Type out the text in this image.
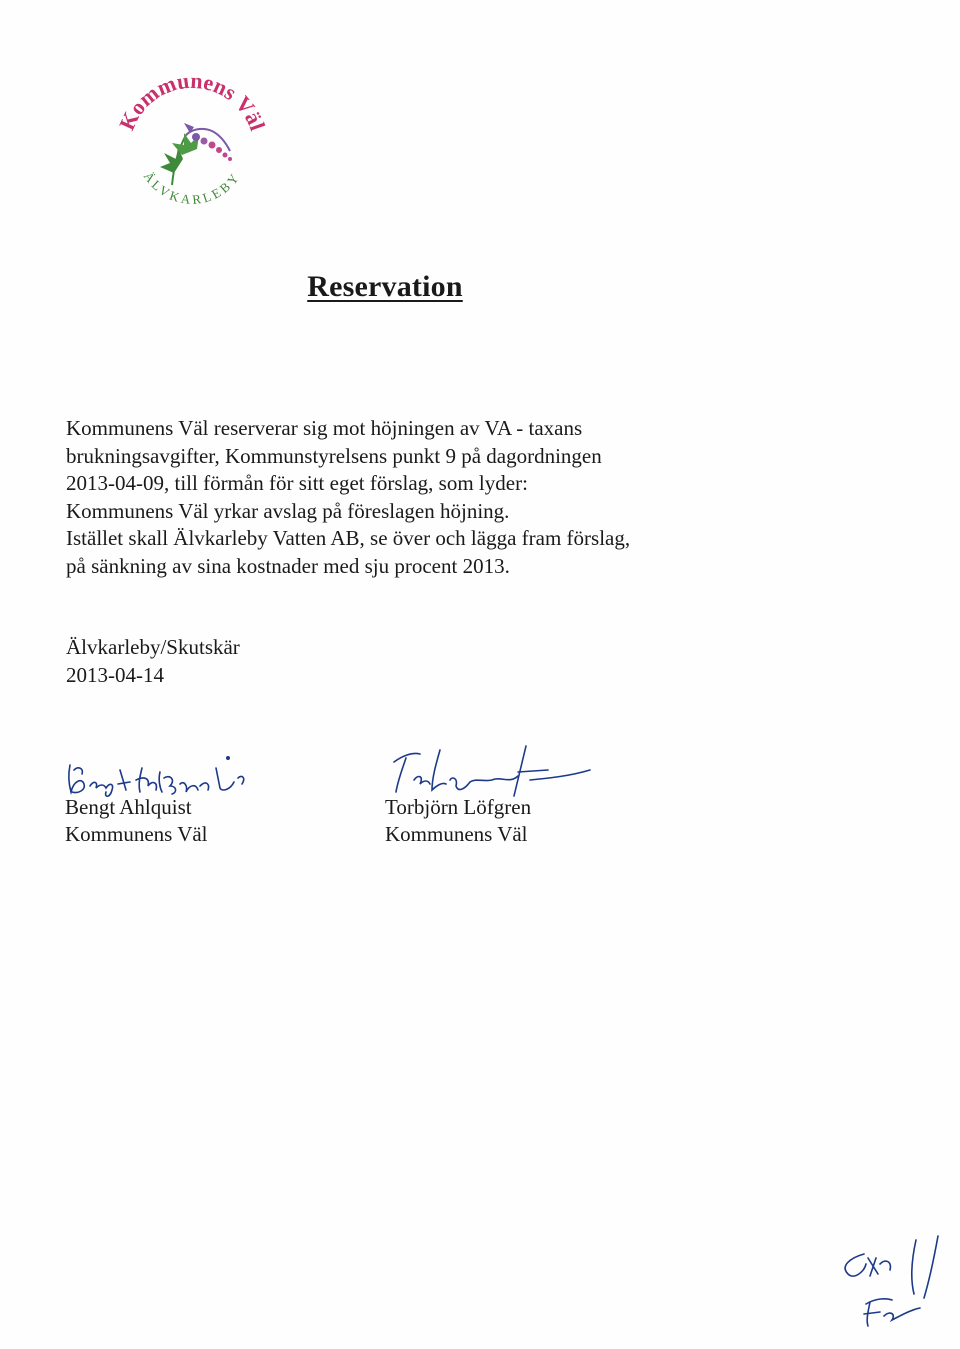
Kommunens Väl
ÄLVKARLEBY
Reservation
Kommunens Väl reserverar sig mot höjningen av VA - taxans
brukningsavgifter, Kommunstyrelsens punkt 9 på dagordningen
2013-04-09, till förmån för sitt eget förslag, som lyder:
Kommunens Väl yrkar avslag på föreslagen höjning.
Istället skall Älvkarleby Vatten AB, se över och lägga fram förslag,
på sänkning av sina kostnader med sju procent 2013.
Älvkarleby/Skutskär
2013-04-14
Bengt Ahlquist
Kommunens Väl
Torbjörn Löfgren
Kommunens Väl
